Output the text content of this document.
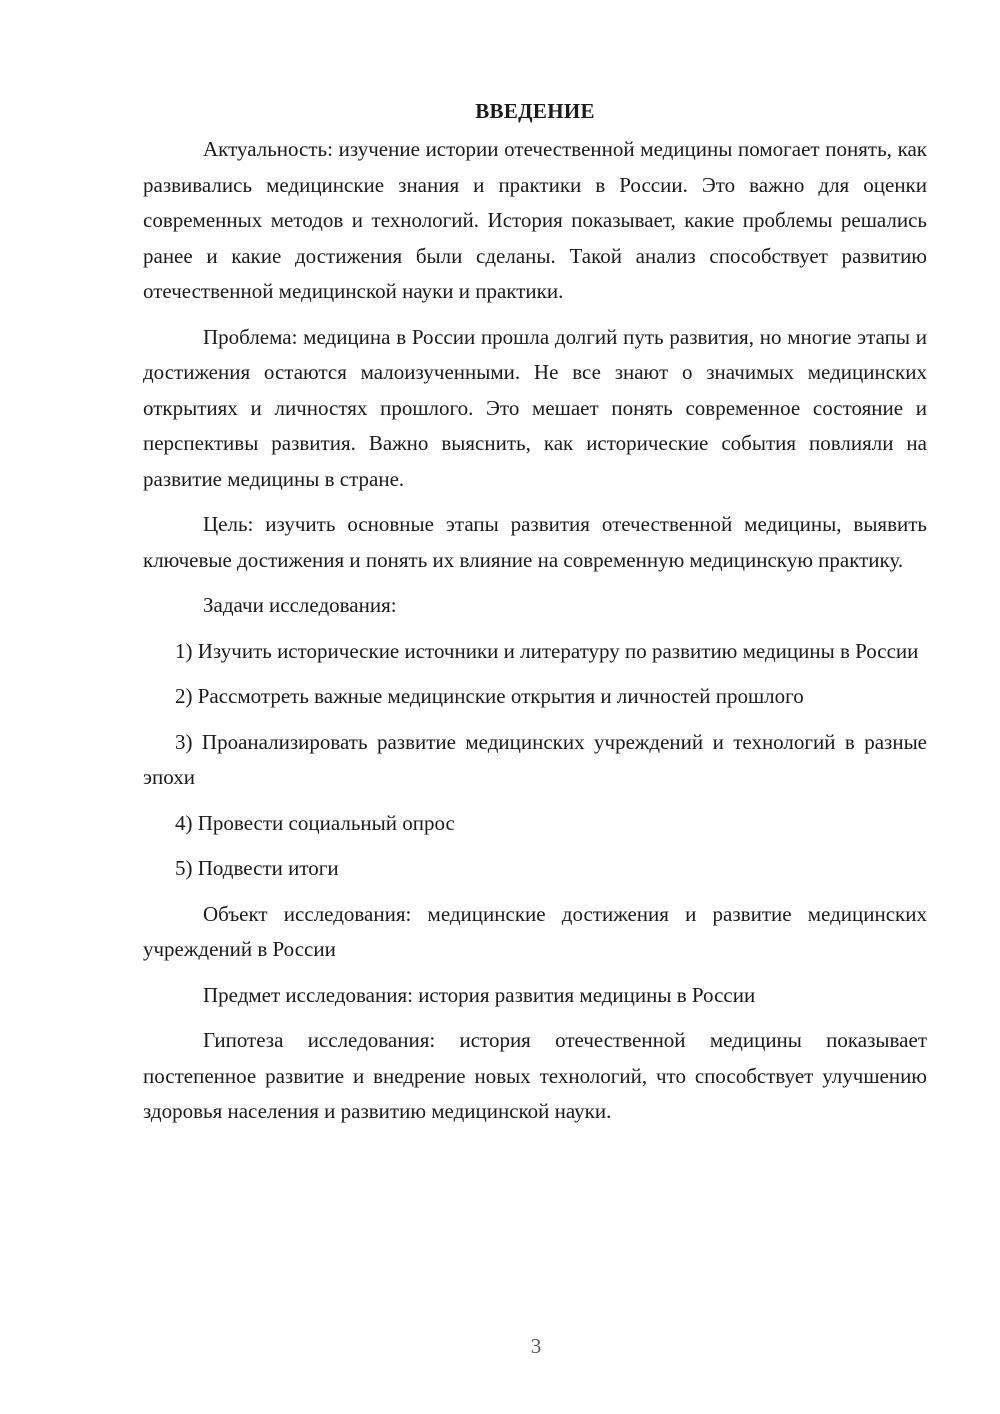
ВВЕДЕНИЕ

Актуальность: изучение истории отечественной медицины помогает понять, как развивались медицинские знания и практики в России. Это важно для оценки современных методов и технологий. История показывает, какие проблемы решались ранее и какие достижения были сделаны. Такой анализ способствует развитию отечественной медицинской науки и практики.

Проблема: медицина в России прошла долгий путь развития, но многие этапы и достижения остаются малоизученными. Не все знают о значимых медицинских открытиях и личностях прошлого. Это мешает понять современное состояние и перспективы развития. Важно выяснить, как исторические события повлияли на развитие медицины в стране.

Цель: изучить основные этапы развития отечественной медицины, выявить ключевые достижения и понять их влияние на современную медицинскую практику.

Задачи исследования:

1) Изучить исторические источники и литературу по развитию медицины в России

2) Рассмотреть важные медицинские открытия и личностей прошлого

3) Проанализировать развитие медицинских учреждений и технологий в разные эпохи

4) Провести социальный опрос

5) Подвести итоги

Объект исследования: медицинские достижения и развитие медицинских учреждений в России

Предмет исследования: история развития медицины в России

Гипотеза исследования: история отечественной медицины показывает постепенное развитие и внедрение новых технологий, что способствует улучшению здоровья населения и развитию медицинской науки.

3
